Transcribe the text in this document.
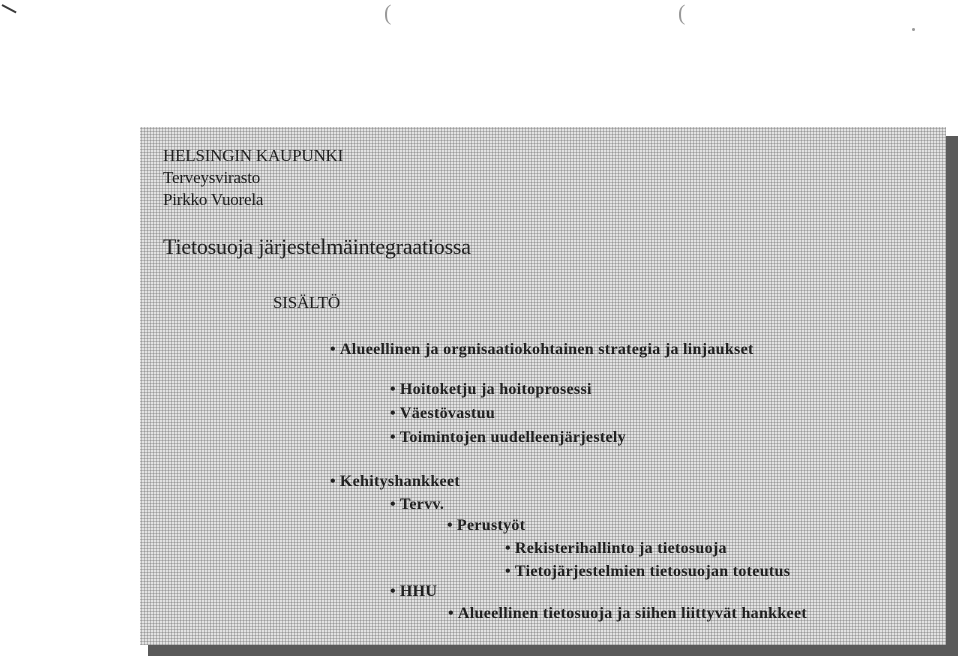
(	(
HELSINGIN KAUPUNKI
Terveysvirasto
Pirkko Vuorela
Tietosuoja järjestelmäintegraatiossa
SISÄLTÖ
• Alueellinen ja orgnisaatiokohtainen strategia ja linjaukset
• Hoitoketju ja hoitoprosessi
• Väestövastuu
• Toimintojen uudelleenjärjestely
• Kehityshankkeet
• Tervv.
• Perustyöt
• Rekisterihallinto ja tietosuoja
• Tietojärjestelmien tietosuojan toteutus
• HHU
• Alueellinen tietosuoja ja siihen liittyvät hankkeet
